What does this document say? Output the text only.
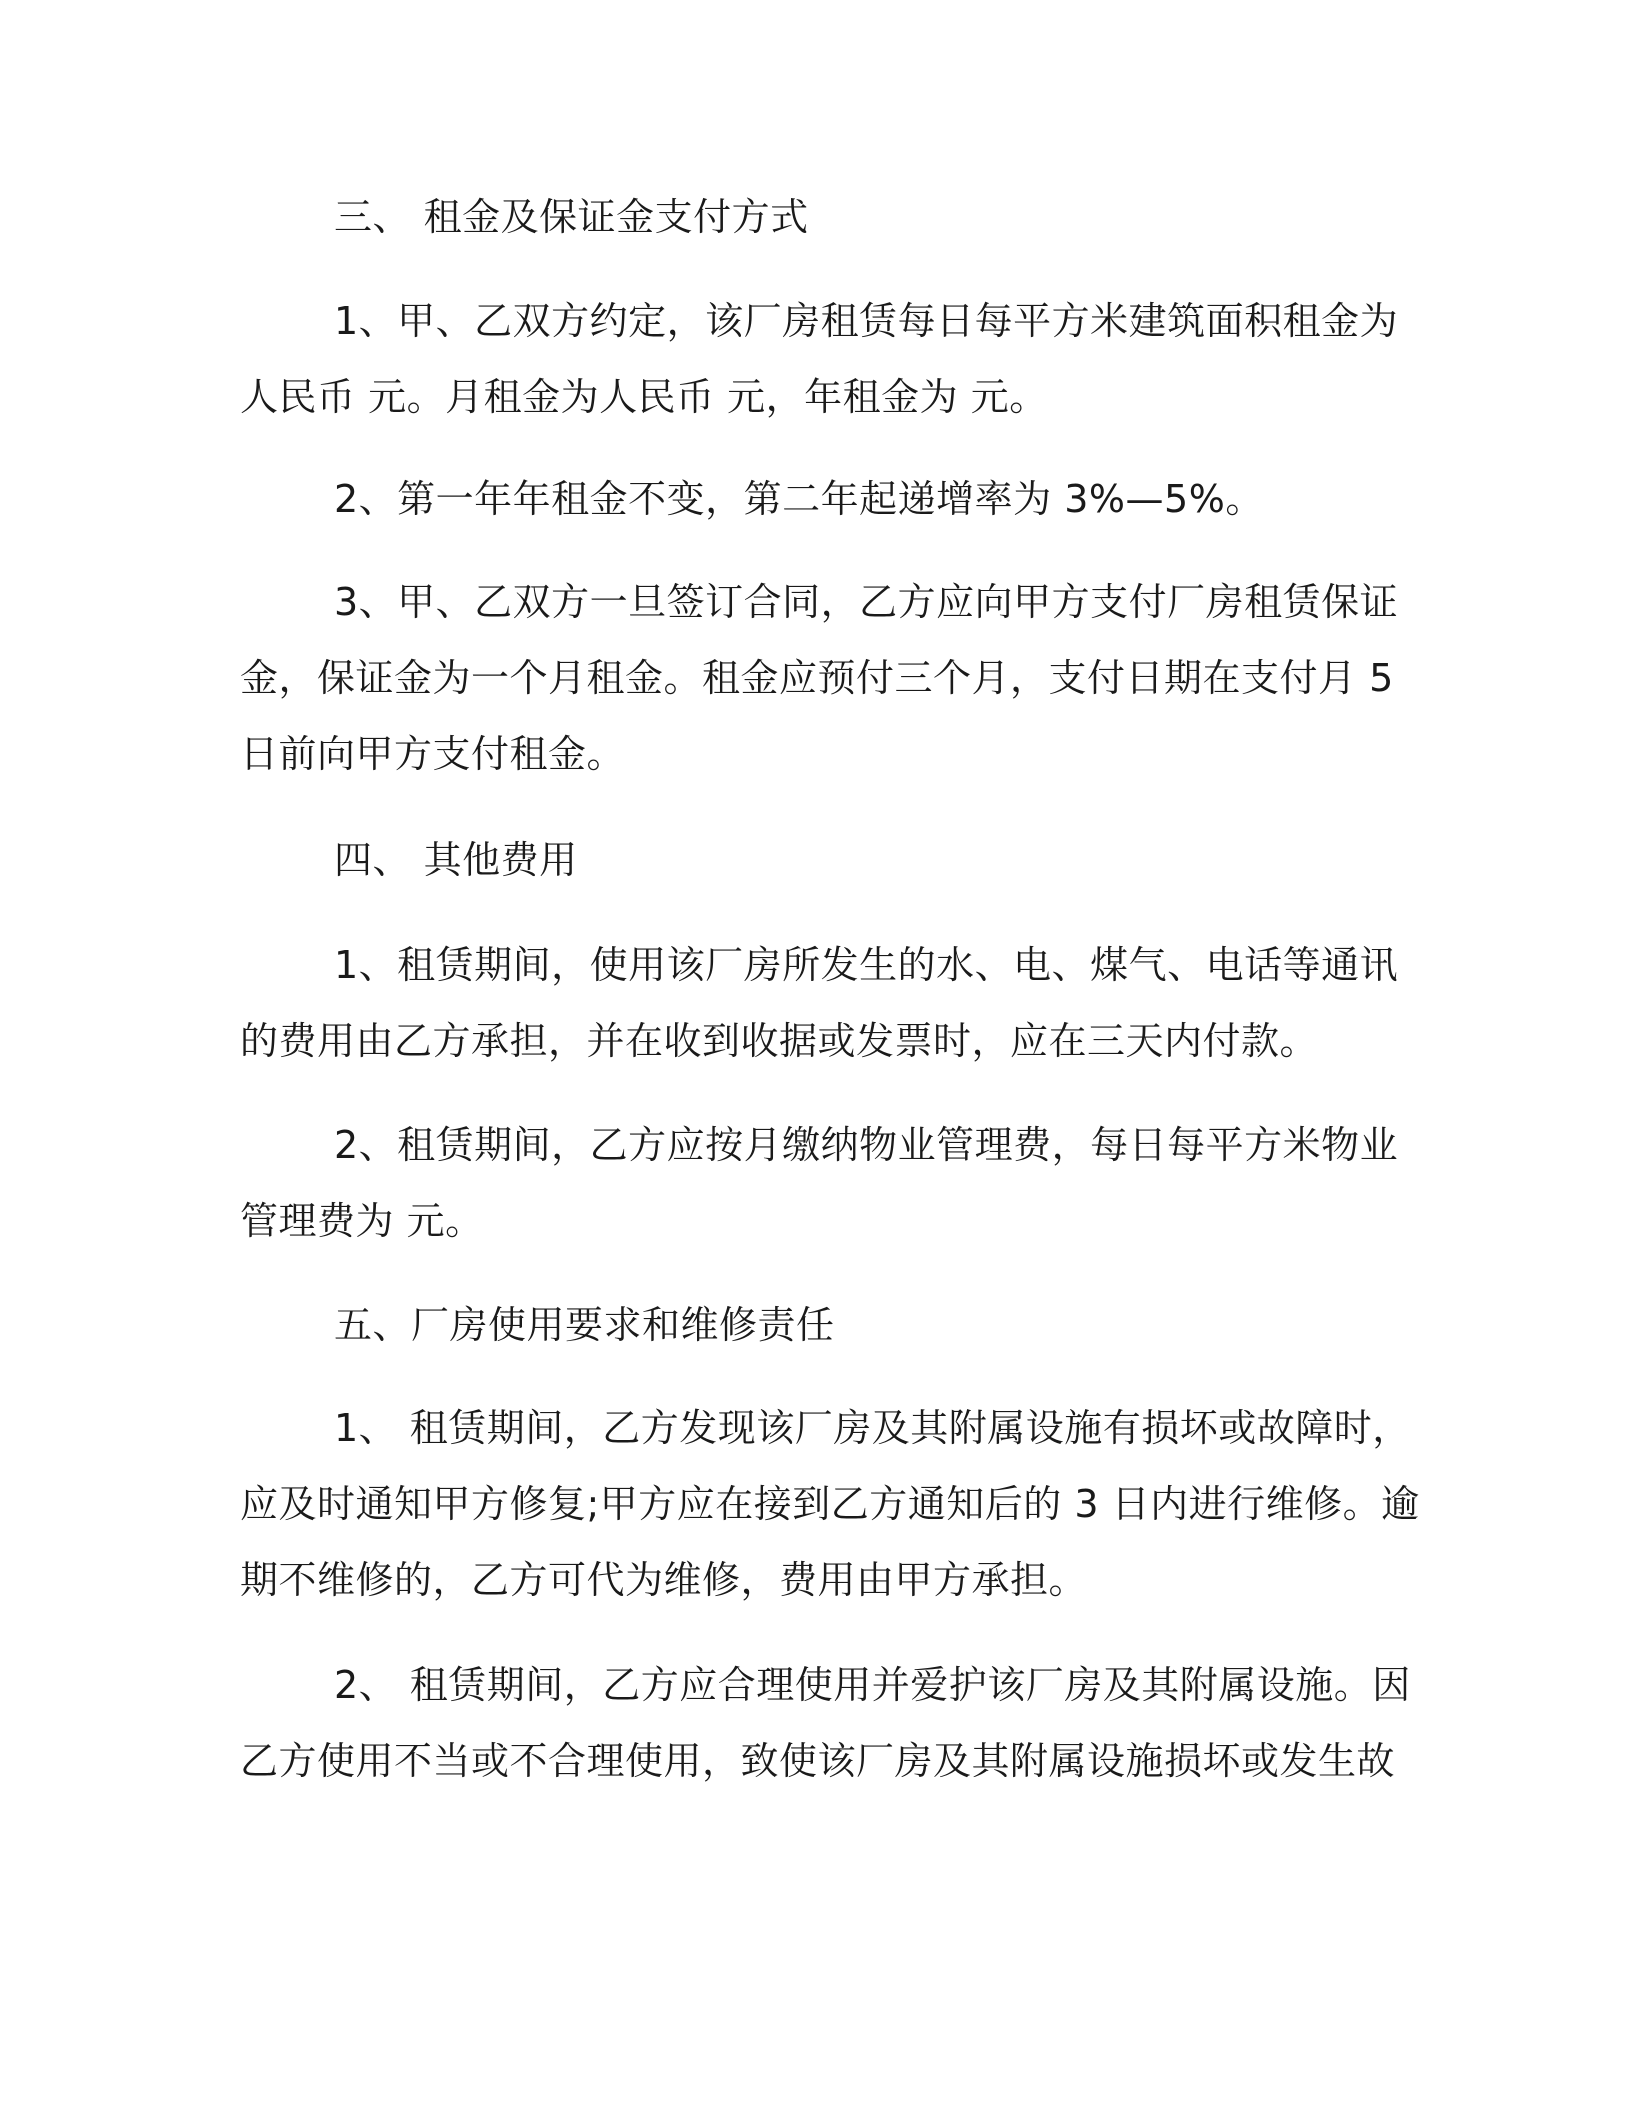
三、 租金及保证金支付方式
1、甲、乙双方约定，该厂房租赁每日每平方米建筑面积租金为
人民币 元。月租金为人民币 元，年租金为 元。
2、第一年年租金不变，第二年起递增率为 3%—5%。
3、甲、乙双方一旦签订合同，乙方应向甲方支付厂房租赁保证
金，保证金为一个月租金。租金应预付三个月，支付日期在支付月 5
日前向甲方支付租金。
四、 其他费用
1、租赁期间，使用该厂房所发生的水、电、煤气、电话等通讯
的费用由乙方承担，并在收到收据或发票时，应在三天内付款。
2、租赁期间，乙方应按月缴纳物业管理费，每日每平方米物业
管理费为 元。
五、厂房使用要求和维修责任
1、 租赁期间，乙方发现该厂房及其附属设施有损坏或故障时，
应及时通知甲方修复;甲方应在接到乙方通知后的 3 日内进行维修。逾
期不维修的，乙方可代为维修，费用由甲方承担。
2、 租赁期间，乙方应合理使用并爱护该厂房及其附属设施。因
乙方使用不当或不合理使用，致使该厂房及其附属设施损坏或发生故
